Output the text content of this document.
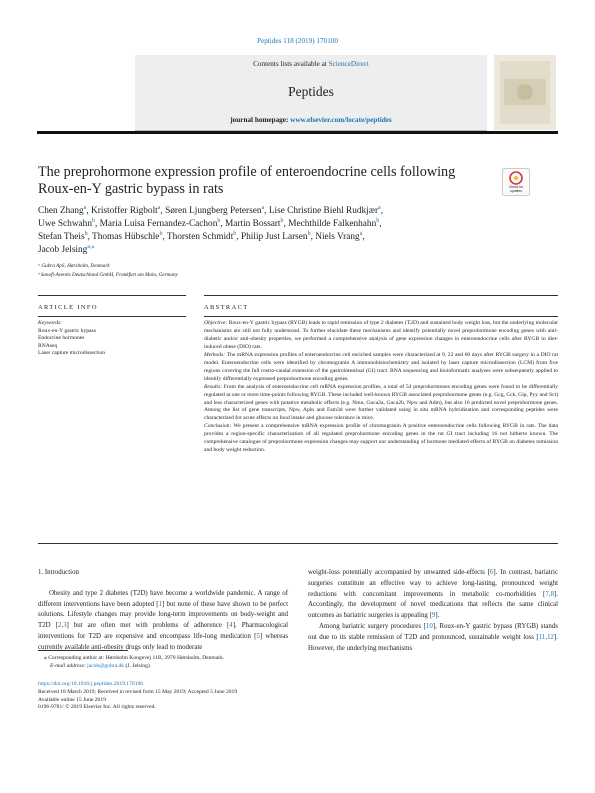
Peptides 118 (2019) 170100
Contents lists available at ScienceDirect
Peptides
journal homepage: www.elsevier.com/locate/peptides
The preprohormone expression profile of enteroendocrine cells following Roux-en-Y gastric bypass in rats	Check for updates
Chen Zhang$^a$, Kristoffer Rigbolt$^a$, Søren Ljungberg Petersen$^a$, Lise Christine Biehl Rudkjær$^a$,
Uwe Schwahn$^b$, Maria Luisa Fernandez-Cachon$^b$, Martin Bossart$^b$, Mechthilde Falkenhahn$^b$,
Stefan Theis$^b$, Thomas Hübschle$^b$, Thorsten Schmidt$^b$, Philip Just Larsen$^b$, Niels Vrang$^a$,
Jacob Jelsing$^{a,⁎}$
ᵃ Gubra ApS, Hørsholm, Denmark
ᵇ Sanofi-Aventis Deutschland GmbH, Frankfurt am Main, Germany
ARTICLE INFO	ABSTRACT
Keywords:
Roux-en-Y gastric bypass
Endocrine hormones
RNAseq
Laser capture microdissection

Objective: Roux-en-Y gastric bypass (RYGB) leads to rapid remission of type 2 diabetes (T2D) and sustained body weight loss, but the underlying molecular mechanisms are still not fully understood. To further elucidate these mechanisms and identify potentially novel preprohormone encoding genes with anti-diabetic and/or anti-obesity properties, we performed a comprehensive analysis of gene expression changes in enteroendocrine cells after RYGB in diet-induced obese (DIO) rats.

Methods: The mRNA expression profiles of enteroendocrine cell enriched samples were characterized at 9, 22 and 60 days after RYGB surgery in a DIO rat model. Enteroendocrine cells were identified by chromogranin A immunohistochemistry and isolated by laser capture microdissection (LCM) from five regions covering the full rostro-caudal extension of the gastrointestinal (GI) tract. RNA sequencing and bioinformatic analyses were subsequently applied to identify differentially expressed preprohormone encoding genes.

Results: From the analysis of enteroendocrine cell mRNA expression profiles, a total of 54 preprohormones encoding genes were found to be differentially regulated at one or more time-points following RYGB. These included well-known RYGB associated preprohormone genes (e.g. Gcg, Cck, Gip, Pyy and Sct) and less characterized genes with putative metabolic effects (e.g. Nmu, Guca2a, Guca2b, Npw and Adm), but also 16 predicted novel preprohormone genes. Among the list of gene transcripts, Npw, Apln and Fam3d were further validated using in situ mRNA hybridization and corresponding peptides were characterized for acute effects on food intake and glucose tolerance in mice.

Conclusion: We present a comprehensive mRNA expression profile of chromogranin A positive enteroendocrine cells following RYGB in rats. The data provides a region-specific characterization of all regulated preprohormone encoding genes in the rat GI tract including 16 not hitherto known. The comprehensive catalogue of preprohormone expression changes may support our understanding of hormone mediated effects of RYGB on diabetes remission and body weight reduction.

1. Introduction

Obesity and type 2 diabetes (T2D) have become a worldwide pandemic. A range of different interventions have been adopted [1] but none of these have shown to be perfect solutions. Lifestyle changes may provide long-term improvements on body-weight and T2D [2,3] but are often met with problems of adherence [4]. Pharmacological interventions for T2D are expensive and encompass life-long medication [5] whereas currently available anti-obesity drugs only lead to moderate

weight-loss potentially accompanied by unwanted side-effects [6]. In contrast, bariatric surgeries constitute an effective way to achieve long-lasting, pronounced weight reductions with concomitant improvements in metabolic co-morbidities [7,8]. Accordingly, the development of novel medications that reflects the same clinical outcomes as bariatric surgeries is appealing [9].

Among bariatric surgery procedures [10], Roux-en-Y gastric bypass (RYGB) stands out due to its stable remission of T2D and pronounced, sustainable weight loss [11,12]. However, the underlying mechanisms

⁎ Corresponding author at: Hørsholm Kongevej 11B, 2970 Hørsholm, Denmark.
E-mail address: jacob@gubra.dk (J. Jelsing).
https://doi.org/10.1016/j.peptides.2019.170100
Received 18 March 2019; Received in revised form 15 May 2019; Accepted 5 June 2019
Available online 15 June 2019
0196-9781/ © 2019 Elsevier Inc. All rights reserved.
